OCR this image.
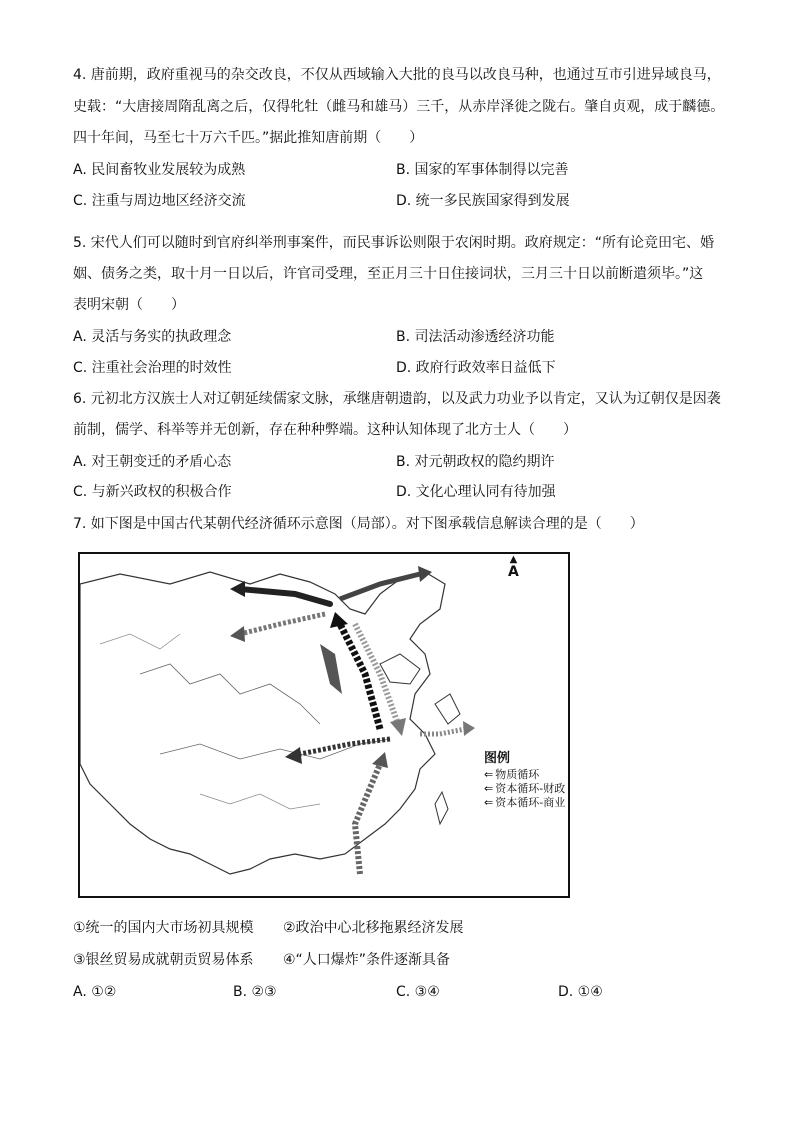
4. 唐前期，政府重视马的杂交改良，不仅从西域输入大批的良马以改良马种，也通过互市引进异域良马，
史载：“大唐接周隋乱离之后，仅得牝牡（雌马和雄马）三千，从赤岸泽徙之陇右。肇自贞观，成于麟德。
四十年间，马至七十万六千匹。”据此推知唐前期（　　）
A. 民间畜牧业发展较为成熟	B. 国家的军事体制得以完善
C. 注重与周边地区经济交流	D. 统一多民族国家得到发展
5. 宋代人们可以随时到官府纠举刑事案件，而民事诉讼则限于农闲时期。政府规定：“所有论竞田宅、婚
姻、债务之类，取十月一日以后，许官司受理，至正月三十日住接词状，三月三十日以前断遣须毕。”这
表明宋朝（　　）
A. 灵活与务实的执政理念	B. 司法活动渗透经济功能
C. 注重社会治理的时效性	D. 政府行政效率日益低下
6. 元初北方汉族士人对辽朝延续儒家文脉，承继唐朝遗韵，以及武力功业予以肯定，又认为辽朝仅是因袭
前制，儒学、科举等并无创新，存在种种弊端。这种认知体现了北方士人（　　）
A. 对王朝变迁的矛盾心态	B. 对元朝政权的隐约期许
C. 与新兴政权的积极合作	D. 文化心理认同有待加强
7. 如下图是中国古代某朝代经济循环示意图（局部）。对下图承载信息解读合理的是（　　）
▲
A
图例
⇐ 物质循环
⇐ 资本循环-财政
⇐ 资本循环-商业
①统一的国内大市场初具规模 ②政治中心北移拖累经济发展
③银丝贸易成就朝贡贸易体系 ④“人口爆炸”条件逐渐具备
A. ①②	B. ②③	C. ③④	D. ①④
